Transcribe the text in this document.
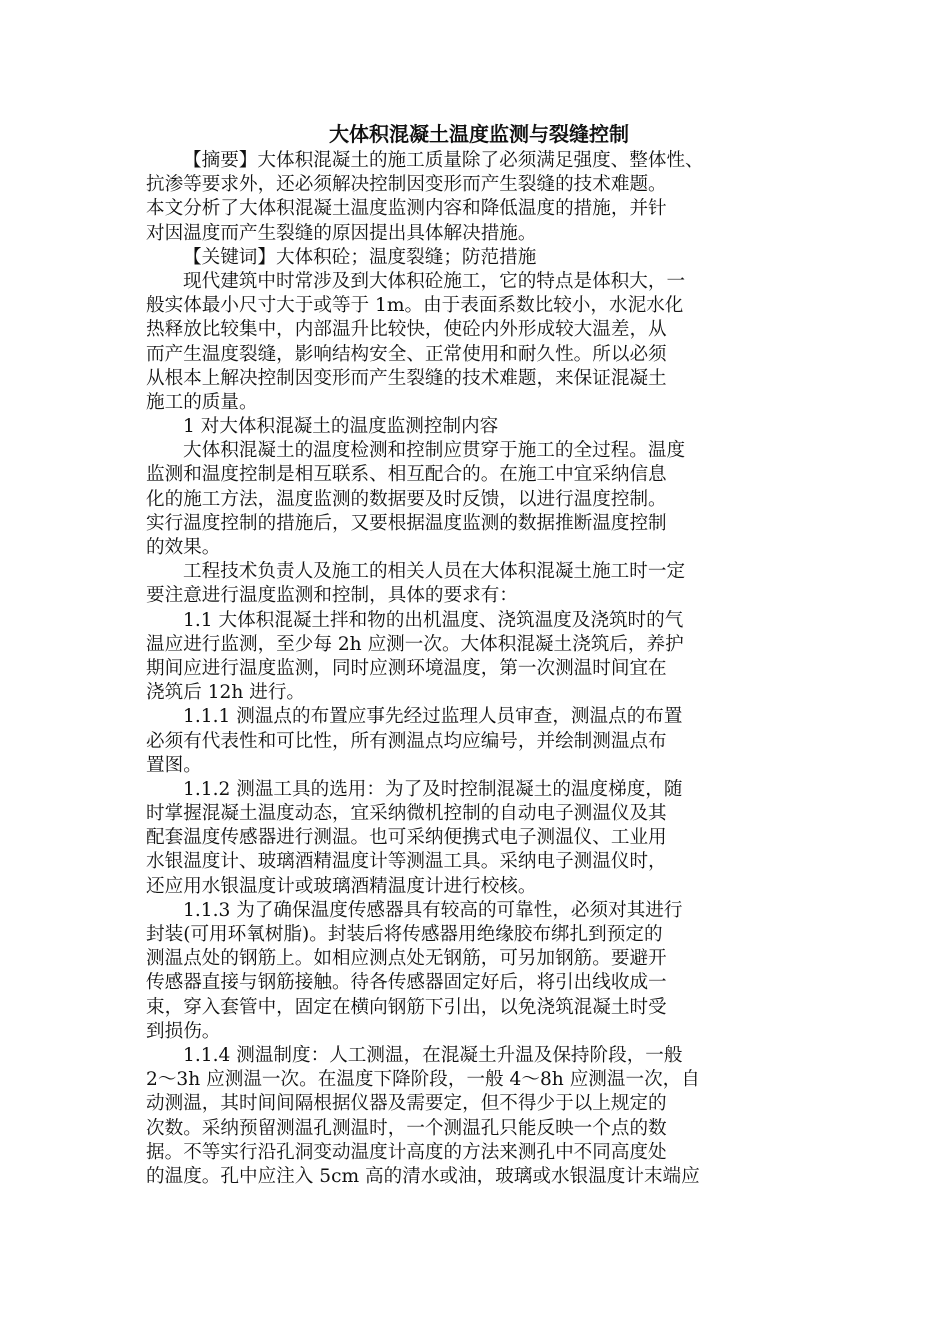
大体积混凝土温度监测与裂缝控制
【摘要】大体积混凝土的施工质量除了必须满足强度、整体性、
抗渗等要求外，还必须解决控制因变形而产生裂缝的技术难题。
本文分析了大体积混凝土温度监测内容和降低温度的措施，并针
对因温度而产生裂缝的原因提出具体解决措施。
【关键词】大体积砼；温度裂缝；防范措施
现代建筑中时常涉及到大体积砼施工，它的特点是体积大，一
般实体最小尺寸大于或等于 1m。由于表面系数比较小，水泥水化
热释放比较集中，内部温升比较快，使砼内外形成较大温差，从
而产生温度裂缝，影响结构安全、正常使用和耐久性。所以必须
从根本上解决控制因变形而产生裂缝的技术难题，来保证混凝土
施工的质量。
1 对大体积混凝土的温度监测控制内容
大体积混凝土的温度检测和控制应贯穿于施工的全过程。温度
监测和温度控制是相互联系、相互配合的。在施工中宜采纳信息
化的施工方法，温度监测的数据要及时反馈，以进行温度控制。
实行温度控制的措施后，又要根据温度监测的数据推断温度控制
的效果。
工程技术负责人及施工的相关人员在大体积混凝土施工时一定
要注意进行温度监测和控制，具体的要求有：
1.1 大体积混凝土拌和物的出机温度、浇筑温度及浇筑时的气
温应进行监测，至少每 2h 应测一次。大体积混凝土浇筑后，养护
期间应进行温度监测，同时应测环境温度，第一次测温时间宜在
浇筑后 12h 进行。
1.1.1 测温点的布置应事先经过监理人员审查，测温点的布置
必须有代表性和可比性，所有测温点均应编号，并绘制测温点布
置图。
1.1.2 测温工具的选用：为了及时控制混凝土的温度梯度，随
时掌握混凝土温度动态，宜采纳微机控制的自动电子测温仪及其
配套温度传感器进行测温。也可采纳便携式电子测温仪、工业用
水银温度计、玻璃酒精温度计等测温工具。采纳电子测温仪时，
还应用水银温度计或玻璃酒精温度计进行校核。
1.1.3 为了确保温度传感器具有较高的可靠性，必须对其进行
封装(可用环氧树脂)。封装后将传感器用绝缘胶布绑扎到预定的
测温点处的钢筋上。如相应测点处无钢筋，可另加钢筋。要避开
传感器直接与钢筋接触。待各传感器固定好后，将引出线收成一
束，穿入套管中，固定在横向钢筋下引出，以免浇筑混凝土时受
到损伤。
1.1.4 测温制度：人工测温，在混凝土升温及保持阶段，一般
2～3h 应测温一次。在温度下降阶段，一般 4～8h 应测温一次，自
动测温，其时间间隔根据仪器及需要定，但不得少于以上规定的
次数。采纳预留测温孔测温时，一个测温孔只能反映一个点的数
据。不等实行沿孔洞变动温度计高度的方法来测孔中不同高度处
的温度。孔中应注入 5cm 高的清水或油，玻璃或水银温度计末端应
